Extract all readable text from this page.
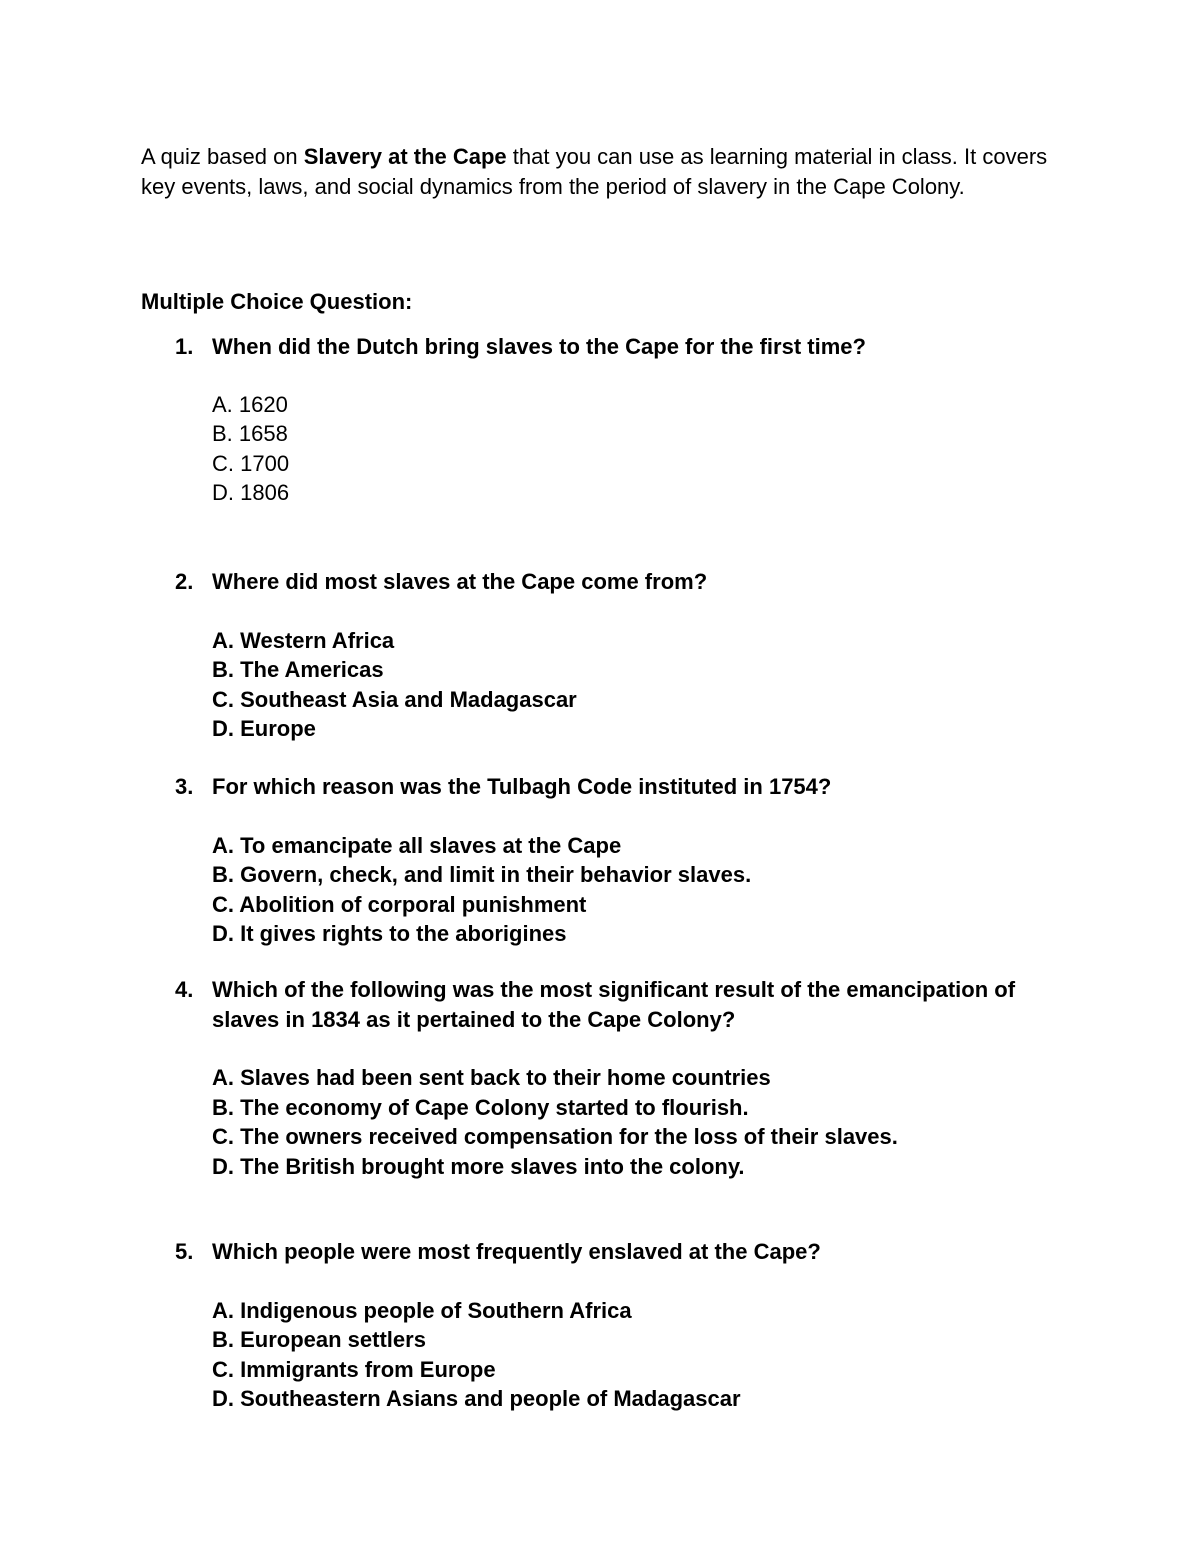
A quiz based on Slavery at the Cape that you can use as learning material in class. It covers key events, laws, and social dynamics from the period of slavery in the Cape Colony.

Multiple Choice Question:

1. When did the Dutch bring slaves to the Cape for the first time?

A. 1620
B. 1658
C. 1700
D. 1806

2. Where did most slaves at the Cape come from?

A. Western Africa
B. The Americas
C. Southeast Asia and Madagascar
D. Europe

3. For which reason was the Tulbagh Code instituted in 1754?

A. To emancipate all slaves at the Cape
B. Govern, check, and limit in their behavior slaves.
C. Abolition of corporal punishment
D. It gives rights to the aborigines

4. Which of the following was the most significant result of the emancipation of slaves in 1834 as it pertained to the Cape Colony?

A. Slaves had been sent back to their home countries
B. The economy of Cape Colony started to flourish.
C. The owners received compensation for the loss of their slaves.
D. The British brought more slaves into the colony.

5. Which people were most frequently enslaved at the Cape?

A. Indigenous people of Southern Africa
B. European settlers
C. Immigrants from Europe
D. Southeastern Asians and people of Madagascar
